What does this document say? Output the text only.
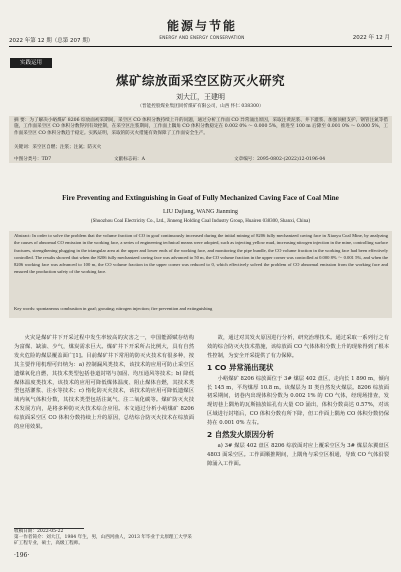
2022 年第 12 期（总第 207 期）
能源与节能
ENERGY AND ENERGY CONSERVATION	2022 年 12 月
实践运用
煤矿综放面采空区防灭火研究
刘大江，王建明
（晋能控股煤业集团同忻煤矿有限公司，山西 怀仁 038300）
摘 要：为了解决小峪煤矿 8206 综放面初采期间，采空区 CO 体积分数持续上升的问题，通过分析工作面 CO 异常涌出原因，采取注黄泥浆、井下灌浆、加强顶板支护、钢管注氮等措施，工作面采空区 CO 体积分数得到有效控制，在采空区注浆期间，工作面上隅角 CO 体积分数稳定在 0.002 0% ～ 0.000 5%，推进至 100 m 后降至 0.001 0% ～ 0.000 5%，工作面采空区 CO 体积分数趋于稳定。实践证明，采取的防灭火措施有效保障了工作面安全生产。
关键词：采空区自燃；注浆；注氮；防灭火
中图分类号：TD7	文献标志码：A	文章编号：2095-0802-(2022)12-0196-04
Fire Preventing and Extinguishing in Goaf of Fully Mechanized Caving Face of Coal Mine
LIU Dajiang, WANG Jianming
(Shuozhou Coal Electricity Co., Ltd., Jinneng Holding Coal Industry Group, Huairen 038300, Shanxi, China)
Abstract: In order to solve the problem that the volume fraction of CO in goaf continuously increased during the initial mining of 8206 fully mechanized caving face in Xiaoyu Coal Mine, by analyzing the causes of abnormal CO emission in the working face, a series of engineering technical means were adopted, such as injecting yellow mud, increasing nitrogen injection in the mine, controlling surface fractures, strengthening plugging in the triangular area at the upper and lower ends of the working face, and monitoring the pipe bundle, the CO volume fraction in the working face had been effectively controlled. The results showed that when the 8206 fully mechanized caving face was advanced to 50 m, the CO volume fraction in the upper corner was controlled at 0.000 8% ～ 0.001 5%, and when the 8206 working face was advanced to 100 m, the CO volume fraction in the upper corner was reduced to 0, which effectively solved the problem of CO abnormal emission from the working face and ensured the production safety of the working face.
Key words: spontaneous combustion in goaf; grouting; nitrogen injection; fire prevention and extinguishing

火灾是煤矿井下开采过程中发生率较高的灾害之一，中国能源赋存结构为富煤、缺油、少气，煤炭需求巨大。煤矿井下开采所占比例大，具有自然发火危险的煤层覆盖面广[1]。目前煤矿井下常用的防灭火技术有很多种，按其主要作用机理可归纳为：a) 控制漏风类技术，该技术的应用可防止采空区遗煤氧化自燃，其技术类型包括巷道封堵与加固、均压通风等技术；b) 降低煤体温度类技术，该技术的应用可降低煤体温度、阻止煤体自燃，其技术类型包括灌浆、注水等技术；c) 惰化防灭火技术，该技术的应用可降低遗煤区域内氧气体积分数，其技术类型包括注氮气、注二氧化碳等。煤矿防灭火技术发展方向，是将多种防灭火技术综合应用。本文通过分析小峪煤矿 8206 综放面采空区 CO 体积分数持续上升的原因，总结综合防灭火技术在综放面的应用效果。

故，通过对其发火原因进行分析，研究治理技术。通过采取一系列行之有效的综合防灭火技术措施，该综放面 CO 气体体积分数上升的现象得到了根本性控制，为安全开采提供了有力保障。

1 CO 异常涌出现状

小峪煤矿 8206 综放面位于 3# 煤层 402 盘区，走向长 1 890 m，倾向长 145 m，平均煤厚 10.8 m。该煤层为 II 类自然发火煤层。8206 综放面初采期间，切巷内出现体积分数为 0.002 1% 的 CO 气体，经现场排查，发现切巷上隅角的瓦斯抽放钻孔有大量 CO 涌出，体积分数高达 0.57%，对该区域进行封堵后，CO 体积分数有所下降，但工作面上隅角 CO 体积分数仍保持在 0.001 0% 左右。

2 自然发火原因分析

a) 3# 煤层 402 盘区 8206 综放面对应上覆采空区为 3# 煤层东翼盘区 4803 面采空区。工作面顺推期间，上隅角与采空区相通，导致 CO 气体沿裂隙涌入工作面。

收稿日期：2022-05-22
第一作者简介：刘大江，1984 年生，男，山西河曲人，2013 年毕业于太原理工大学采矿工程专业，硕士，高级工程师。
·196·
